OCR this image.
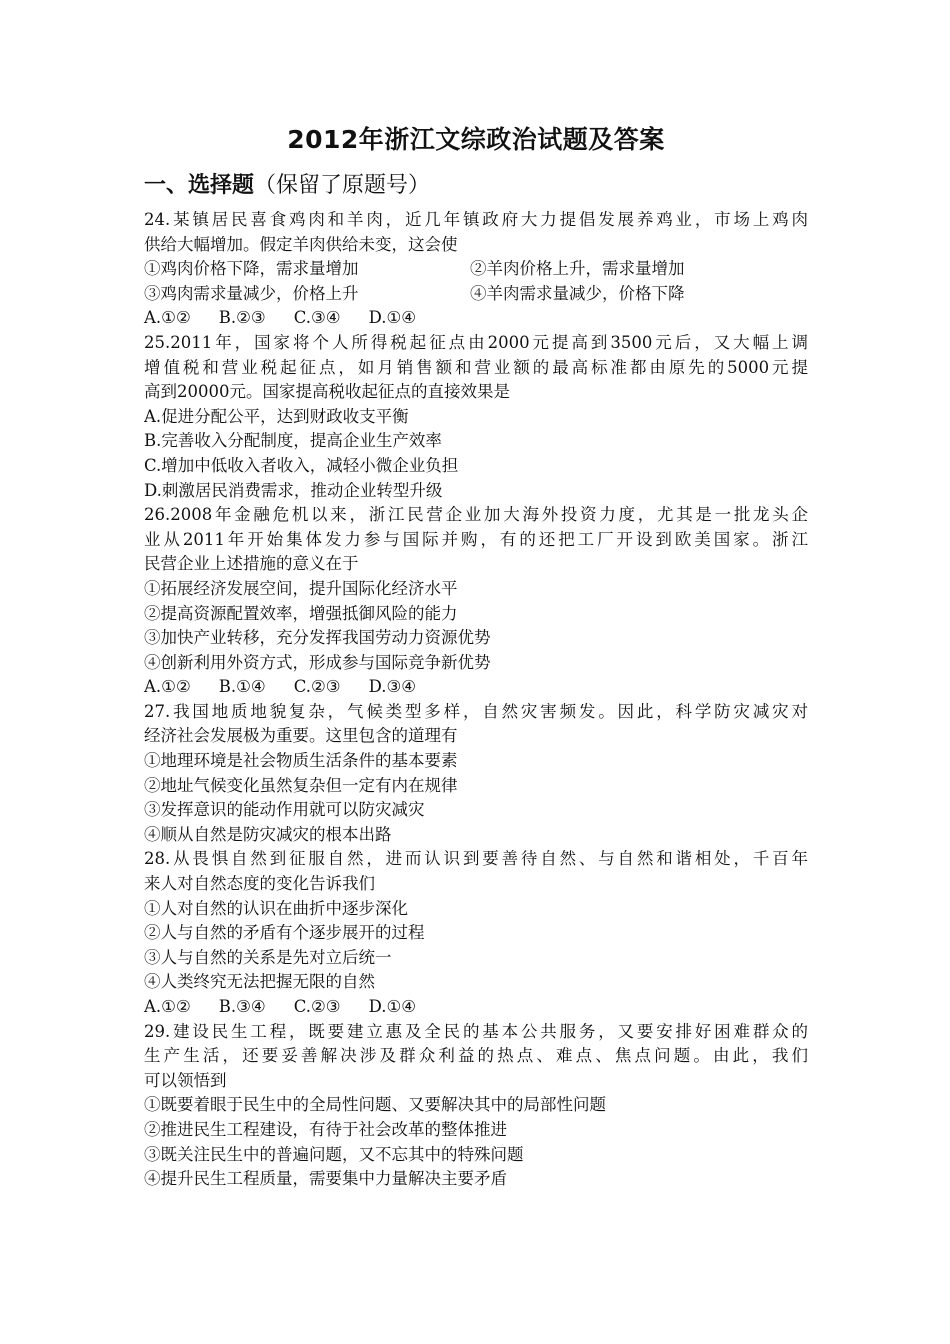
2012年浙江文综政治试题及答案
一、选择题（保留了原题号）
24.某镇居民喜食鸡肉和羊肉，近几年镇政府大力提倡发展养鸡业，市场上鸡肉
供给大幅增加。假定羊肉供给未变，这会使
①鸡肉价格下降，需求量增加	②羊肉价格上升，需求量增加
③鸡肉需求量减少，价格上升	④羊肉需求量减少，价格下降
A.①② B.②③ C.③④ D.①④
25.2011年，国家将个人所得税起征点由2000元提高到3500元后，又大幅上调
增值税和营业税起征点，如月销售额和营业额的最高标准都由原先的5000元提
高到20000元。国家提高税收起征点的直接效果是
A.促进分配公平，达到财政收支平衡
B.完善收入分配制度，提高企业生产效率
C.增加中低收入者收入，减轻小微企业负担
D.刺激居民消费需求，推动企业转型升级
26.2008年金融危机以来，浙江民营企业加大海外投资力度，尤其是一批龙头企
业从2011年开始集体发力参与国际并购，有的还把工厂开设到欧美国家。浙江
民营企业上述措施的意义在于
①拓展经济发展空间，提升国际化经济水平
②提高资源配置效率，增强抵御风险的能力
③加快产业转移，充分发挥我国劳动力资源优势
④创新利用外资方式，形成参与国际竞争新优势
A.①② B.①④ C.②③ D.③④
27.我国地质地貌复杂，气候类型多样，自然灾害频发。因此，科学防灾减灾对
经济社会发展极为重要。这里包含的道理有
①地理环境是社会物质生活条件的基本要素
②地址气候变化虽然复杂但一定有内在规律
③发挥意识的能动作用就可以防灾减灾
④顺从自然是防灾减灾的根本出路
28.从畏惧自然到征服自然，进而认识到要善待自然、与自然和谐相处，千百年
来人对自然态度的变化告诉我们
①人对自然的认识在曲折中逐步深化
②人与自然的矛盾有个逐步展开的过程
③人与自然的关系是先对立后统一
④人类终究无法把握无限的自然
A.①② B.③④ C.②③ D.①④
29.建设民生工程，既要建立惠及全民的基本公共服务，又要安排好困难群众的
生产生活，还要妥善解决涉及群众利益的热点、难点、焦点问题。由此，我们
可以领悟到
①既要着眼于民生中的全局性问题、又要解决其中的局部性问题
②推进民生工程建设，有待于社会改革的整体推进
③既关注民生中的普遍问题，又不忘其中的特殊问题
④提升民生工程质量，需要集中力量解决主要矛盾
